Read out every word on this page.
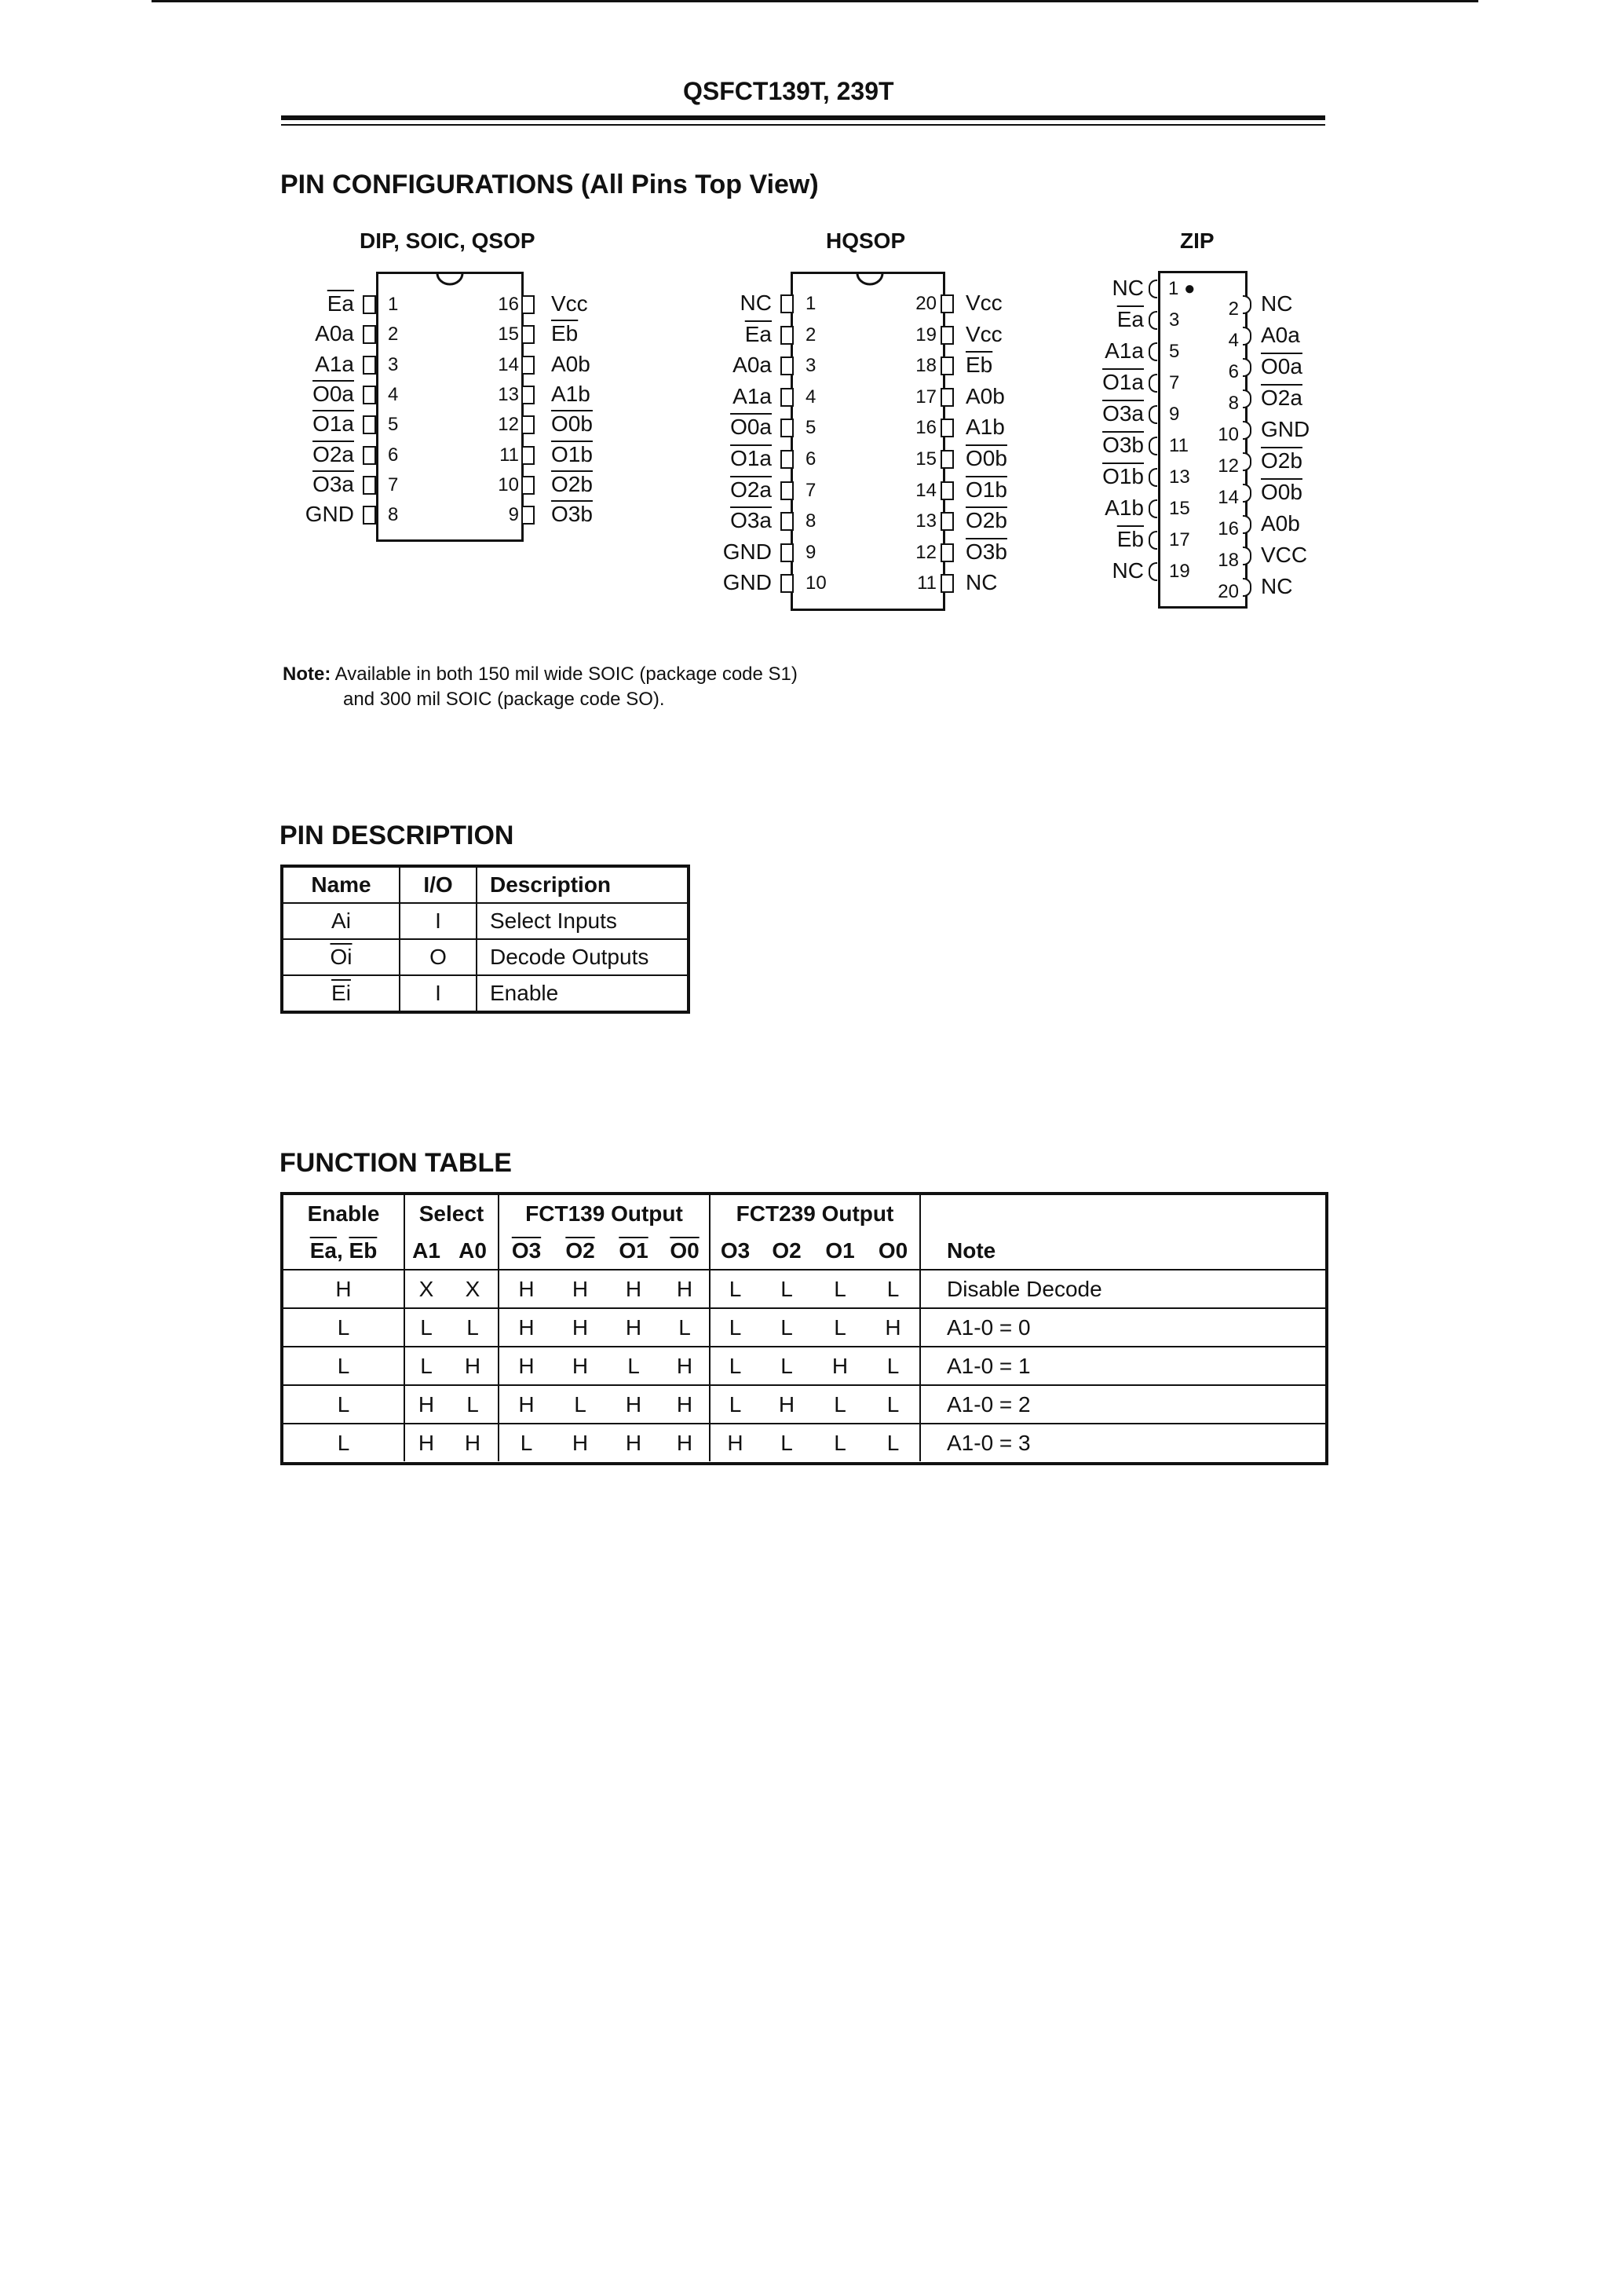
QSFCT139T, 239T
PIN CONFIGURATIONS (All Pins Top View)
DIP, SOIC, QSOP
$\overline{Ea}$ 1
A0a 2
A1a 3
O0a 4
O1a 5
O2a 6
O3a 7
GND 8
16 Vcc
15 $\overline{Eb}$
14 A0b
13 A1b
12 O0b
11 O1b
10 O2b
9 O3b
HQSOP
NC 1
$\overline{Ea}$ 2
A0a 3
A1a 4
O0a 5
O1a 6
O2a 7
O3a 8
GND 9
GND 10
20 Vcc
19 Vcc
18 $\overline{Eb}$
17 A0b
16 A1b
15 O0b
14 O1b
13 O2b
12 O3b
11 NC
ZIP
1 ●
NC
$\overline{Ea}$ 3
A1a 5
O1a 7
O3a 9
O3b 11
O1b 13
A1b 15
$\overline{Eb}$ 17
NC 19
2 NC
4 A0a
6 O0a
8 O2a
10 GND
12 O2b
14 O0b
16 A0b
18 VCC
20 NC
Note: Available in both 150 mil wide SOIC (package code S1)
and 300 mil SOIC (package code SO).
PIN DESCRIPTION
Name	I/O	Description
Ai	I	Select Inputs
$\overline{Oi}$	O	Decode Outputs
$\overline{Ei}$	I	Enable
FUNCTION TABLE
Enable	Select		FCT139 Output				FCT239 Output				
$\overline{Ea}$, $\overline{Eb}$	A1	A0	O3	O2	O1	O0	O3	O2	O1	O0	Note
H	X	X	H	H	H	H	L	L	L	L	Disable Decode
L	L	L	H	H	H	L	L	L	L	H	A1-0 = 0
L	L	H	H	H	L	H	L	L	H	L	A1-0 = 1
L	H	L	H	L	H	H	L	H	L	L	A1-0 = 2
L	H	H	L	H	H	H	H	L	L	L	A1-0 = 3
